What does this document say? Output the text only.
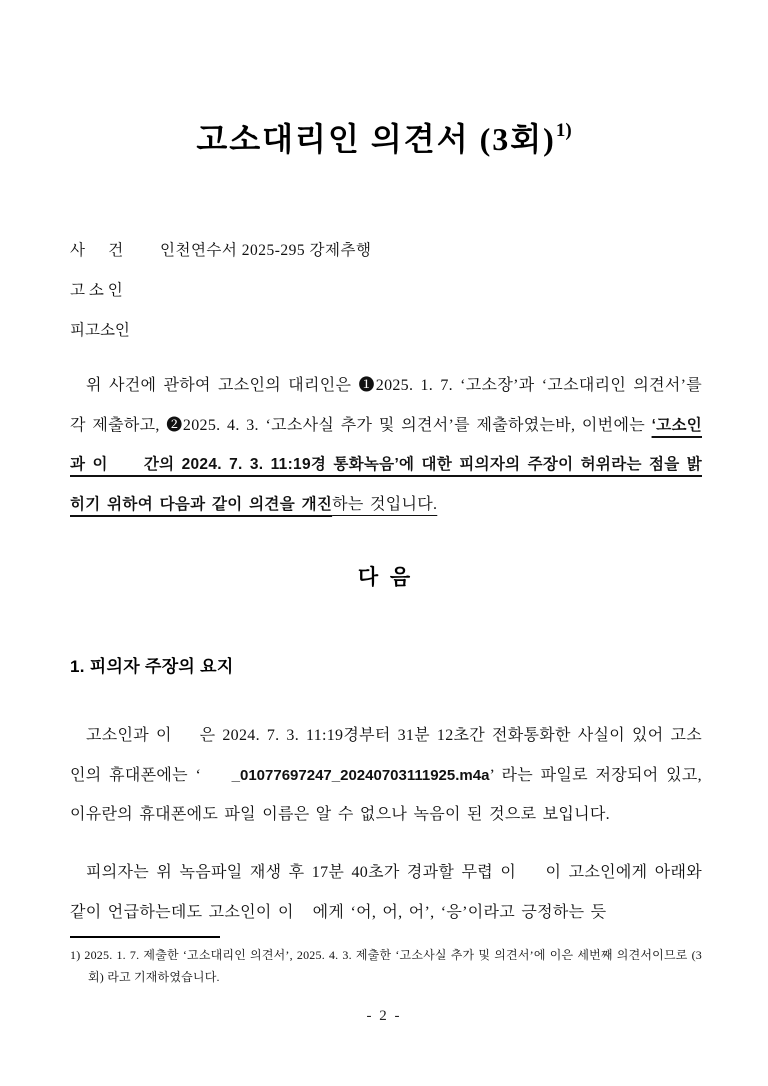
고소대리인 의견서 (3회)$^{1)}$
사      건 인천연수서 2025-295 강제추행
고 소 인
피고소인

위 사건에 관하여 고소인의 대리인은 ❶2025. 1. 7. ‘고소장’과 ‘고소대리인 의견서’를 각 제출하고, ❷2025. 4. 3. ‘고소사실 추가 및 의견서’를 제출하였는바, 이번에는 ‘고소인과 이     간의 2024. 7. 3. 11:19경 통화녹음’에 대한 피의자의 주장이 허위라는 점을 밝히기 위하여 다음과 같이 의견을 개진하는 것입니다.

다  음
1. 피의자 주장의 요지

고소인과 이    은 2024. 7. 3. 11:19경부터 31분 12초간 전화통화한 사실이 있어 고소인의 휴대폰에는 ‘    _01077697247_20240703111925.m4a’ 라는 파일로 저장되어 있고, 이유란의 휴대폰에도 파일 이름은 알 수 없으나 녹음이 된 것으로 보입니다.

피의자는 위 녹음파일 재생 후 17분 40초가 경과할 무렵 이    이 고소인에게 아래와 같이 언급하는데도 고소인이 이   에게 ‘어, 어, 어’, ‘응’이라고 긍정하는 듯

1) 2025. 1. 7. 제출한 ‘고소대리인 의견서’, 2025. 4. 3. 제출한 ‘고소사실 추가 및 의견서’에 이은 세번째 의견서이므로 (3회) 라고 기재하였습니다.

- 2 -
